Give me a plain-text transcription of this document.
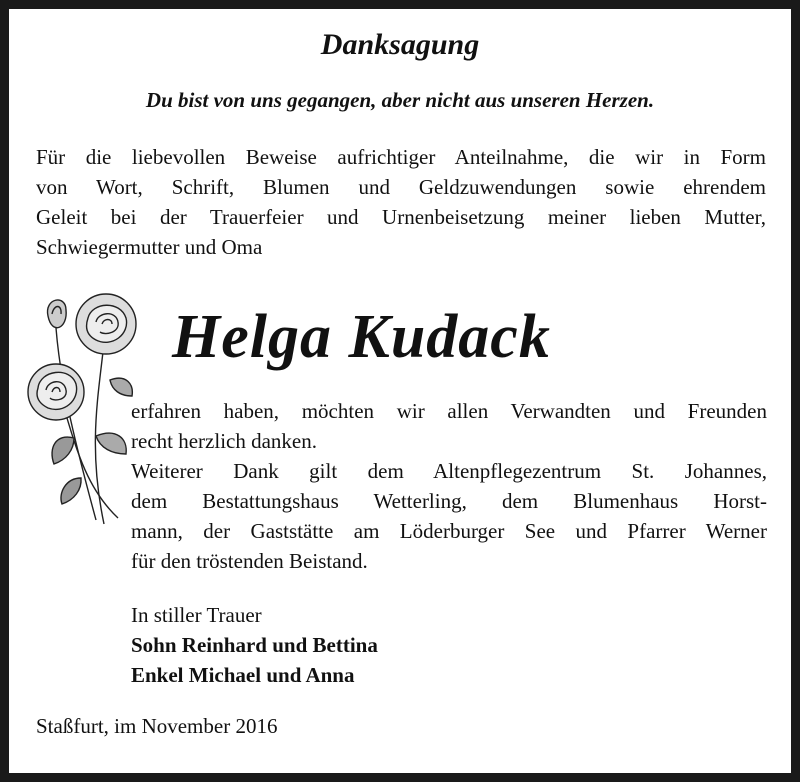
Danksagung
Du bist von uns gegangen, aber nicht aus unseren Herzen.
Für die liebevollen Beweise aufrichtiger Anteilnahme, die wir in Form
von Wort, Schrift, Blumen und Geldzuwendungen sowie ehrendem
Geleit bei der Trauerfeier und Urnenbeisetzung meiner lieben Mutter,
Schwiegermutter und Oma
Helga Kudack
erfahren haben, möchten wir allen Verwandten und Freunden
recht herzlich danken.
Weiterer Dank gilt dem Altenpflegezentrum St. Johannes,
dem Bestattungshaus Wetterling, dem Blumenhaus Horst-
mann, der Gaststätte am Löderburger See und Pfarrer Werner
für den tröstenden Beistand.
In stiller Trauer
Sohn Reinhard und Bettina
Enkel Michael und Anna
Staßfurt, im November 2016
